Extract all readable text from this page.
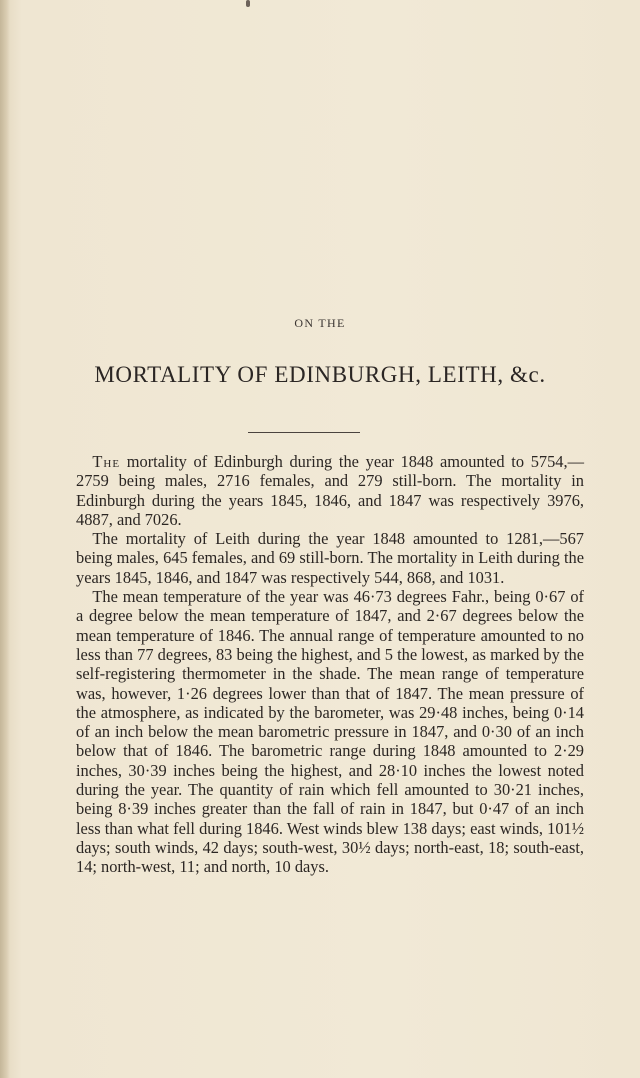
ON THE
MORTALITY OF EDINBURGH, LEITH, &c.

 The mortality of Edinburgh during the year 1848 amounted to 5754,—2759 being males, 2716 females, and 279 still-born. The mortality in Edinburgh during the years 1845, 1846, and 1847 was respectively 3976, 4887, and 7026.

 The mortality of Leith during the year 1848 amounted to 1281,—567 being males, 645 females, and 69 still-born. The mortality in Leith during the years 1845, 1846, and 1847 was respectively 544, 868, and 1031.

 The mean temperature of the year was 46·73 degrees Fahr., being 0·67 of a degree below the mean temperature of 1847, and 2·67 degrees below the mean temperature of 1846. The annual range of temperature amounted to no less than 77 degrees, 83 being the highest, and 5 the lowest, as marked by the self-registering thermometer in the shade. The mean range of temperature was, however, 1·26 degrees lower than that of 1847. The mean pressure of the atmosphere, as indicated by the barometer, was 29·48 inches, being 0·14 of an inch below the mean barometric pressure in 1847, and 0·30 of an inch below that of 1846. The barometric range during 1848 amounted to 2·29 inches, 30·39 inches being the highest, and 28·10 inches the lowest noted during the year. The quantity of rain which fell amounted to 30·21 inches, being 8·39 inches greater than the fall of rain in 1847, but 0·47 of an inch less than what fell during 1846. West winds blew 138 days; east winds, 101½ days; south winds, 42 days; south-west, 30½ days; north-east, 18; south-east, 14; north-west, 11; and north, 10 days.
